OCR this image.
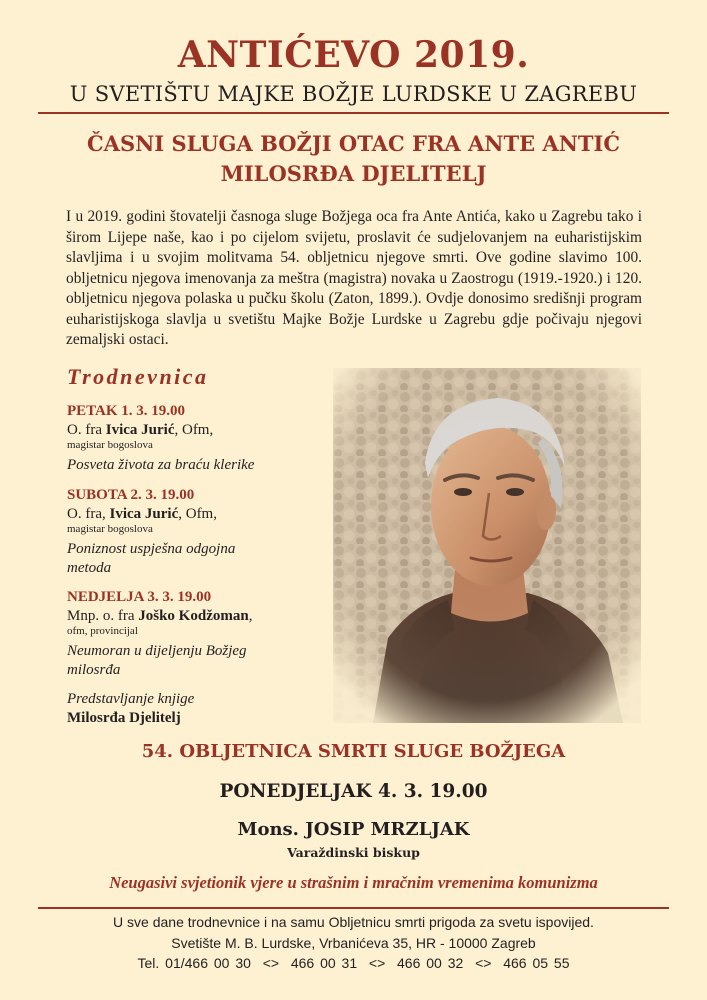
ANTIĆEVO 2019.
U SVETIŠTU MAJKE BOŽJE LURDSKE U ZAGREBU
ČASNI SLUGA BOŽJI OTAC FRA ANTE ANTIĆ
MILOSRĐA DJELITELJ
I u 2019. godini štovatelji časnoga sluge Božjega oca fra Ante Antića, kako u Zagrebu tako i širom Lijepe naše, kao i po cijelom svijetu, proslavit će sudjelovanjem na euharistijskim slavljima i u svojim molitvama 54. obljetnicu njegove smrti. Ove godine slavimo 100. obljetnicu njegova imenovanja za meštra (magistra) novaka u Zaostrogu (1919.-1920.) i 120. obljetnicu njegova polaska u pučku školu (Zaton, 1899.). Ovdje donosimo središnji program euharistijskoga slavlja u svetištu Majke Božje Lurdske u Zagrebu gdje počivaju njegovi zemaljski ostaci.
Trodnevnica
PETAK 1. 3. 19.00
O. fra Ivica Jurić, Ofm,
magistar bogoslova
Posveta života za braću klerike
SUBOTA 2. 3. 19.00
O. fra, Ivica Jurić, Ofm,
magistar bogoslova
Poniznost uspješna odgojna metoda
NEDJELJA 3. 3. 19.00
Mnp. o. fra Joško Kodžoman,
ofm, provincijal
Neumoran u dijeljenju Božjeg milosrđa
Predstavljanje knjige
Milosrđa Djelitelj
54. OBLJETNICA SMRTI SLUGE BOŽJEGA
PONEDJELJAK 4. 3. 19.00
Mons. JOSIP MRZLJAK
Varaždinski biskup
Neugasivi svjetionik vjere u strašnim i mračnim vremenima komunizma
U sve dane trodnevnice i na samu Obljetnicu smrti prigoda za svetu ispovijed.
Svetište M. B. Lurdske, Vrbanićeva 35, HR - 10000 Zagreb
Tel. 01/466 00 30  <>  466 00 31  <>  466 00 32  <>  466 05 55
